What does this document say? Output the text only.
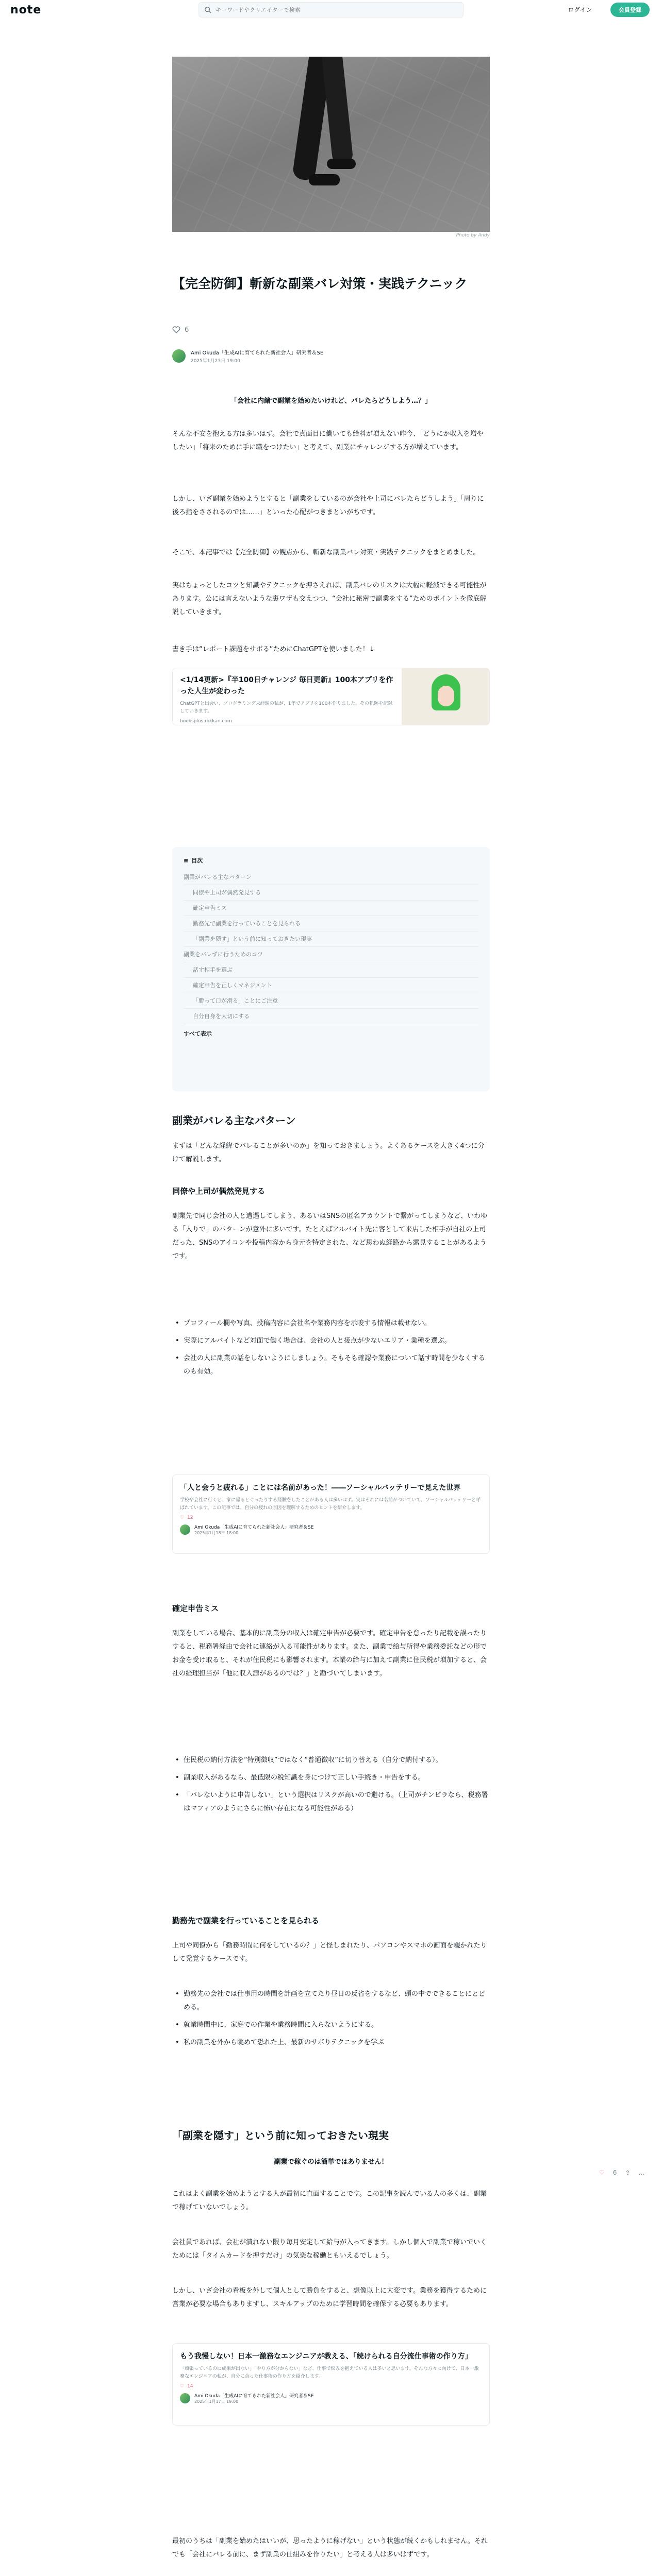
note
キーワードやクリエイターで検索	ログイン	会員登録
Photo by Andy
【完全防御】斬新な副業バレ対策・実践テクニック
6
Ami Okuda「生成AIに育てられた新社会人」研究者＆SE
2025年1月23日 19:00
「会社に内緒で副業を始めたいけれど、バレたらどうしよう…？」
そんな不安を抱える方は多いはず。会社で真面目に働いても給料が増えない昨今、「どうにか収入を増やしたい」「将来のために手に職をつけたい」と考えて、副業にチャレンジする方が増えています。
しかし、いざ副業を始めようとすると「副業をしているのが会社や上司にバレたらどうしよう」「周りに後ろ指をさされるのでは……」といった心配がつきまといがちです。
そこで、本記事では【完全防御】の観点から、斬新な副業バレ対策・実践テクニックをまとめました。
実はちょっとしたコツと知識やテクニックを押さえれば、副業バレのリスクは大幅に軽減できる可能性があります。公には言えないような裏ワザも交えつつ、“会社に秘密で副業をする”ためのポイントを徹底解説していきます。
書き手は“レポート課題をサボる”ためにChatGPTを使いました！↓
<1/14更新>『半100日チャレンジ 毎日更新』100本アプリを作った人生が変わった
ChatGPTと出会い、プログラミング未経験の私が、1年でアプリを100本作りました。その軌跡を記録していきます。
booksplus.rokkan.com
≡ 目次
副業がバレる主なパターン
同僚や上司が偶然発見する
確定申告ミス
勤務先で副業を行っていることを見られる
「副業を隠す」という前に知っておきたい現実
副業をバレずに行うためのコツ
話す相手を選ぶ
確定申告を正しくマネジメント
「勝って口が滑る」ことにご注意
自分自身を大切にする
すべて表示
副業がバレる主なパターン
まずは「どんな経緯でバレることが多いのか」を知っておきましょう。よくあるケースを大きく4つに分けて解説します。
同僚や上司が偶然発見する
副業先で同じ会社の人と遭遇してしまう、あるいはSNSの匿名アカウントで繋がってしまうなど、いわゆる「入りで」のパターンが意外に多いです。たとえばアルバイト先に客として来店した相手が自社の上司だった、SNSのアイコンや投稿内容から身元を特定された、など思わぬ経路から露見することがあるようです。
• プロフィール欄や写真、投稿内容に会社名や業務内容を示唆する情報は載せない。
• 実際にアルバイトなど対面で働く場合は、会社の人と接点が少ないエリア・業種を選ぶ。
• 会社の人に副業の話をしないようにしましょう。そもそも確認や業務について話す時間を少なくするのも有効。
「人と会うと疲れる」ことには名前があった！――ソーシャルバッテリーで見えた世界
学校や会社に行くと、家に帰るとぐったりする経験をしたことがある人は多いはず。実はそれには名前がついていて、ソーシャルバッテリーと呼ばれています。この記事では、自分の疲れの原因を理解するためのヒントを紹介します。
♡ 12
Ami Okuda「生成AIに育てられた新社会人」研究者＆SE
2025年1月18日 18:00
確定申告ミス
副業をしている場合、基本的に副業分の収入は確定申告が必要です。確定申告を怠ったり記載を誤ったりすると、税務署経由で会社に連絡が入る可能性があります。また、副業で給与所得や業務委託などの形でお金を受け取ると、それが住民税にも影響されます。本業の給与に加えて副業に住民税が増加すると、会社の経理担当が「他に収入源があるのでは？」と勘づいてしまいます。
• 住民税の納付方法を“特別徴収”ではなく“普通徴収”に切り替える（自分で納付する）。
• 副業収入があるなら、最低限の税知識を身につけて正しい手続き・申告をする。
• 「バレないように申告しない」という選択はリスクが高いので避ける。（上司がチンピラなら、税務署はマフィアのようにさらに怖い存在になる可能性がある）
勤務先で副業を行っていることを見られる
上司や同僚から「勤務時間に何をしているの？」と怪しまれたり、パソコンやスマホの画面を覗かれたりして発覚するケースです。
• 勤務先の会社では仕事用の時間を計画を立てたり昼日の反省をするなど、頭の中でできることにとどめる。
• 就業時間中に、家庭での作業や業務時間に入らないようにする。
• 私の副業を外から眺めて恐れた上、最新のサボりテクニックを学ぶ
「副業を隠す」という前に知っておきたい現実
副業で稼ぐのは簡単ではありません！
これはよく副業を始めようとする人が最初に直面することです。この記事を読んでいる人の多くは、副業で稼げていないでしょう。
会社員であれば、会社が潰れない限り毎月安定して給与が入ってきます。しかし個人で副業で稼いでいくためには「タイムカードを押すだけ」の気楽な稼働ともいえるでしょう。
しかし、いざ会社の看板を外して個人として勝負をすると、想像以上に大変です。業務を獲得するために営業が必要な場合もありますし、スキルアップのために学習時間を確保する必要もあります。
もう我慢しない！日本一激務なエンジニアが教える、「続けられる自分流仕事術の作り方」
「頑張っているのに成果が出ない」「やり方が分からない」など、仕事で悩みを抱えている人は多いと思います。そんな方々に向けて、日本一激務なエンジニアの私が、自分に合った仕事術の作り方を紹介します。
♡ 14
Ami Okuda「生成AIに育てられた新社会人」研究者＆SE
2025年1月17日 19:00
最初のうちは「副業を始めたはいいが、思ったように稼げない」という状態が続くかもしれません。それでも「会社にバレる前に、まず副業の仕組みを作りたい」と考える人は多いはずです。
♡ 6 ⇪ …
